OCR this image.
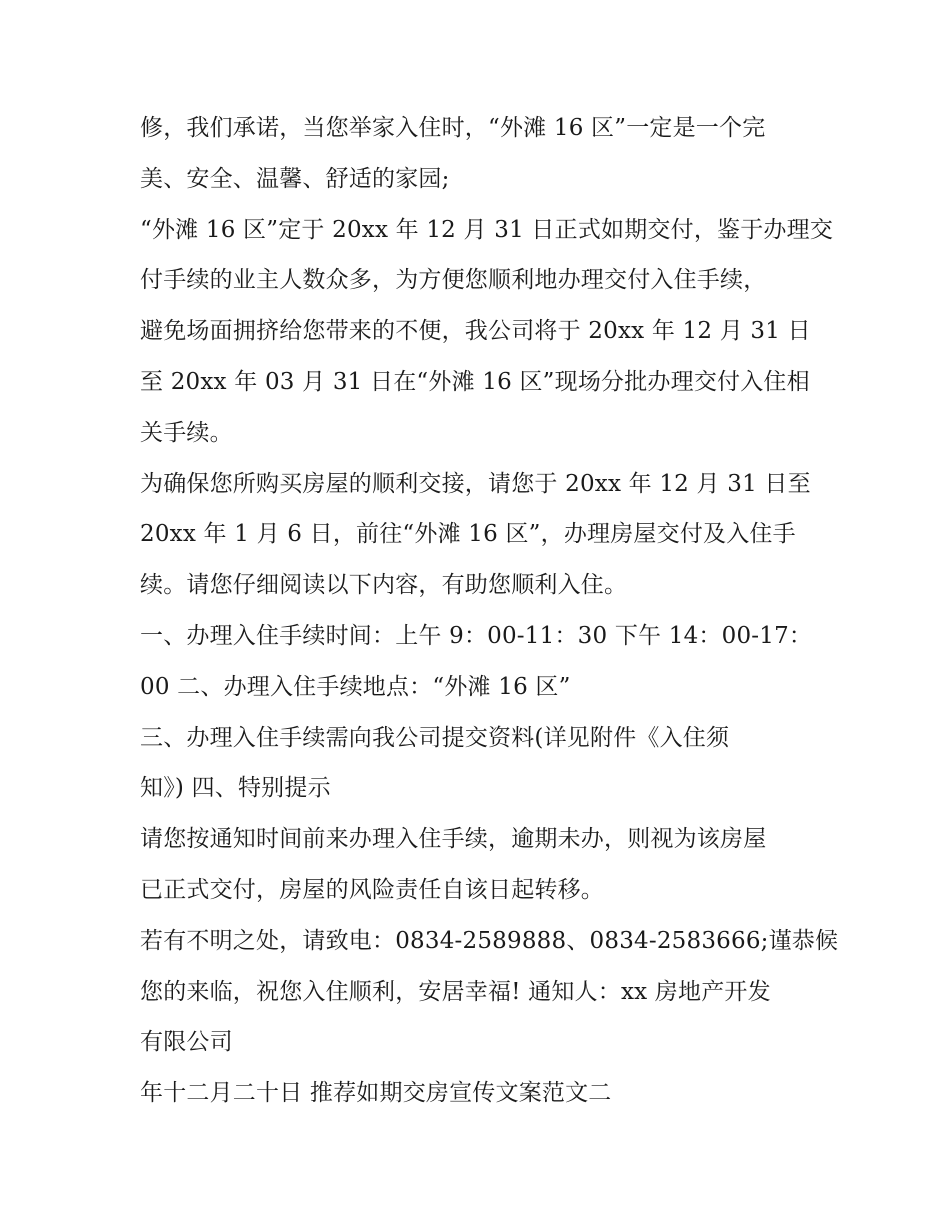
修，我们承诺，当您举家入住时，“外滩 16 区”一定是一个完
美、安全、温馨、舒适的家园;
“外滩 16 区”定于 20xx 年 12 月 31 日正式如期交付，鉴于办理交
付手续的业主人数众多，为方便您顺利地办理交付入住手续，
避免场面拥挤给您带来的不便，我公司将于 20xx 年 12 月 31 日
至 20xx 年 03 月 31 日在“外滩 16 区”现场分批办理交付入住相
关手续。
为确保您所购买房屋的顺利交接，请您于 20xx 年 12 月 31 日至
20xx 年 1 月 6 日，前往“外滩 16 区”，办理房屋交付及入住手
续。请您仔细阅读以下内容，有助您顺利入住。
一、办理入住手续时间：上午 9：00-11：30 下午 14：00-17：
00 二、办理入住手续地点：“外滩 16 区”
三、办理入住手续需向我公司提交资料(详见附件《入住须
知》) 四、特别提示
请您按通知时间前来办理入住手续，逾期未办，则视为该房屋
已正式交付，房屋的风险责任自该日起转移。
若有不明之处，请致电：0834-2589888、0834-2583666;谨恭候
您的来临，祝您入住顺利，安居幸福! 通知人：xx 房地产开发
有限公司
年十二月二十日 推荐如期交房宣传文案范文二
